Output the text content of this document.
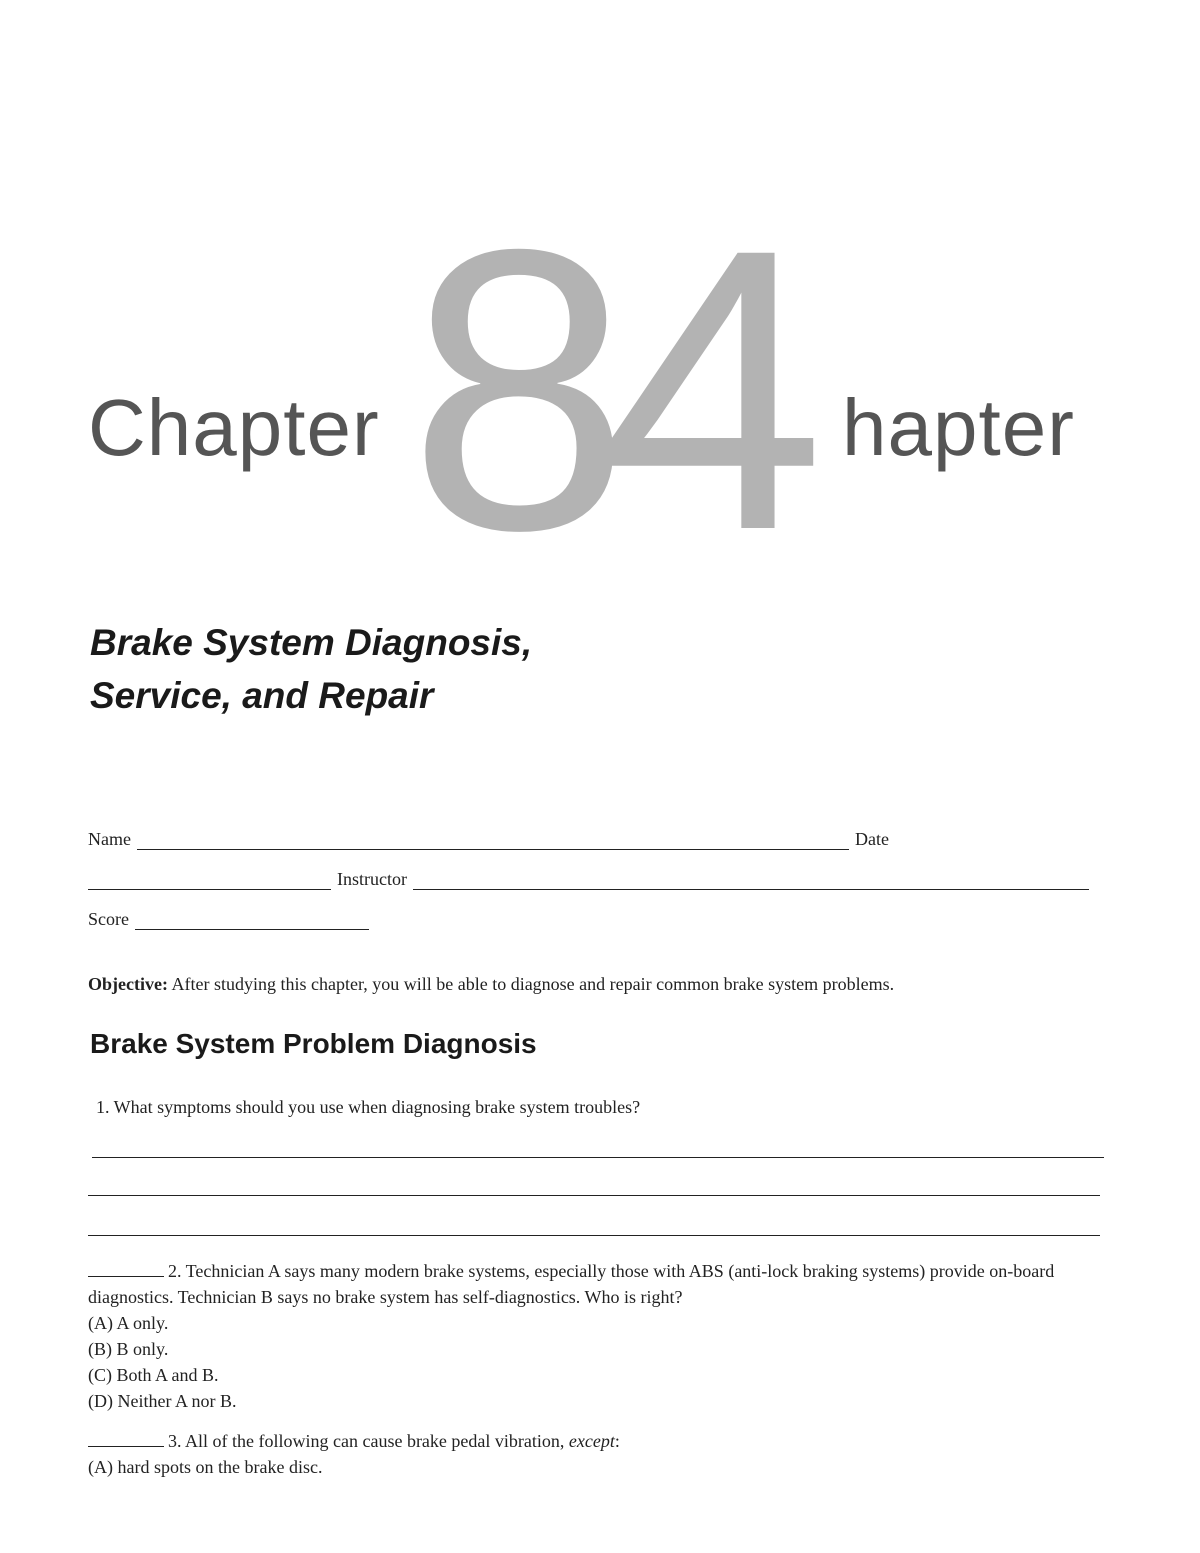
84
Chapter	hapter
Brake System Diagnosis,
Service, and Repair
Name	Date
Instructor
Score
Objective: After studying this chapter, you will be able to diagnose and repair common brake system problems.
Brake System Problem Diagnosis
1. What symptoms should you use when diagnosing brake system troubles?
2. Technician A says many modern brake systems, especially those with ABS (anti-lock braking systems) provide on-board diagnostics. Technician B says no brake system has self-diagnostics. Who is right?
(A) A only.
(B) B only.
(C) Both A and B.
(D) Neither A nor B.
3. All of the following can cause brake pedal vibration, except:
(A) hard spots on the brake disc.
